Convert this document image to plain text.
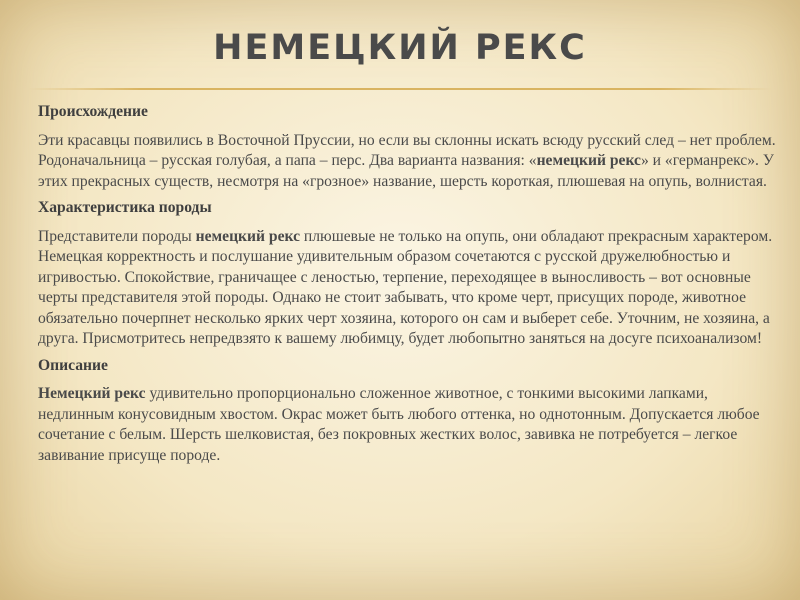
НЕМЕЦКИЙ РЕКС
Происхождение
Эти красавцы появились в Восточной Пруссии, но если вы склонны искать всюду русский след – нет проблем. Родоначальница – русская голубая, а папа – перс. Два варианта названия: «немецкий рекс» и «германрекс». У этих прекрасных существ, несмотря на «грозное» название, шерсть короткая, плюшевая на опупь, волнистая.
Характеристика породы
Представители породы немецкий рекс плюшевые не только на опупь, они обладают прекрасным характером. Немецкая корректность и послушание удивительным образом сочетаются с русской дружелюбностью и игривостью. Спокойствие, граничащее с леностью, терпение, переходящее в выносливость – вот основные черты представителя этой породы. Однако не стоит забывать, что кроме черт, присущих породе, животное обязательно почерпнет несколько ярких черт хозяина, которого он сам и выберет себе. Уточним, не хозяина, а друга. Присмотритесь непредвзято к вашему любимцу, будет любопытно заняться на досуге психоанализом!
Описание
Немецкий рекс удивительно пропорционально сложенное животное, с тонкими высокими лапками, недлинным конусовидным хвостом. Окрас может быть любого оттенка, но однотонным. Допускается любое сочетание с белым. Шерсть шелковистая, без покровных жестких волос, завивка не потребуется – легкое завивание присуще породе.
